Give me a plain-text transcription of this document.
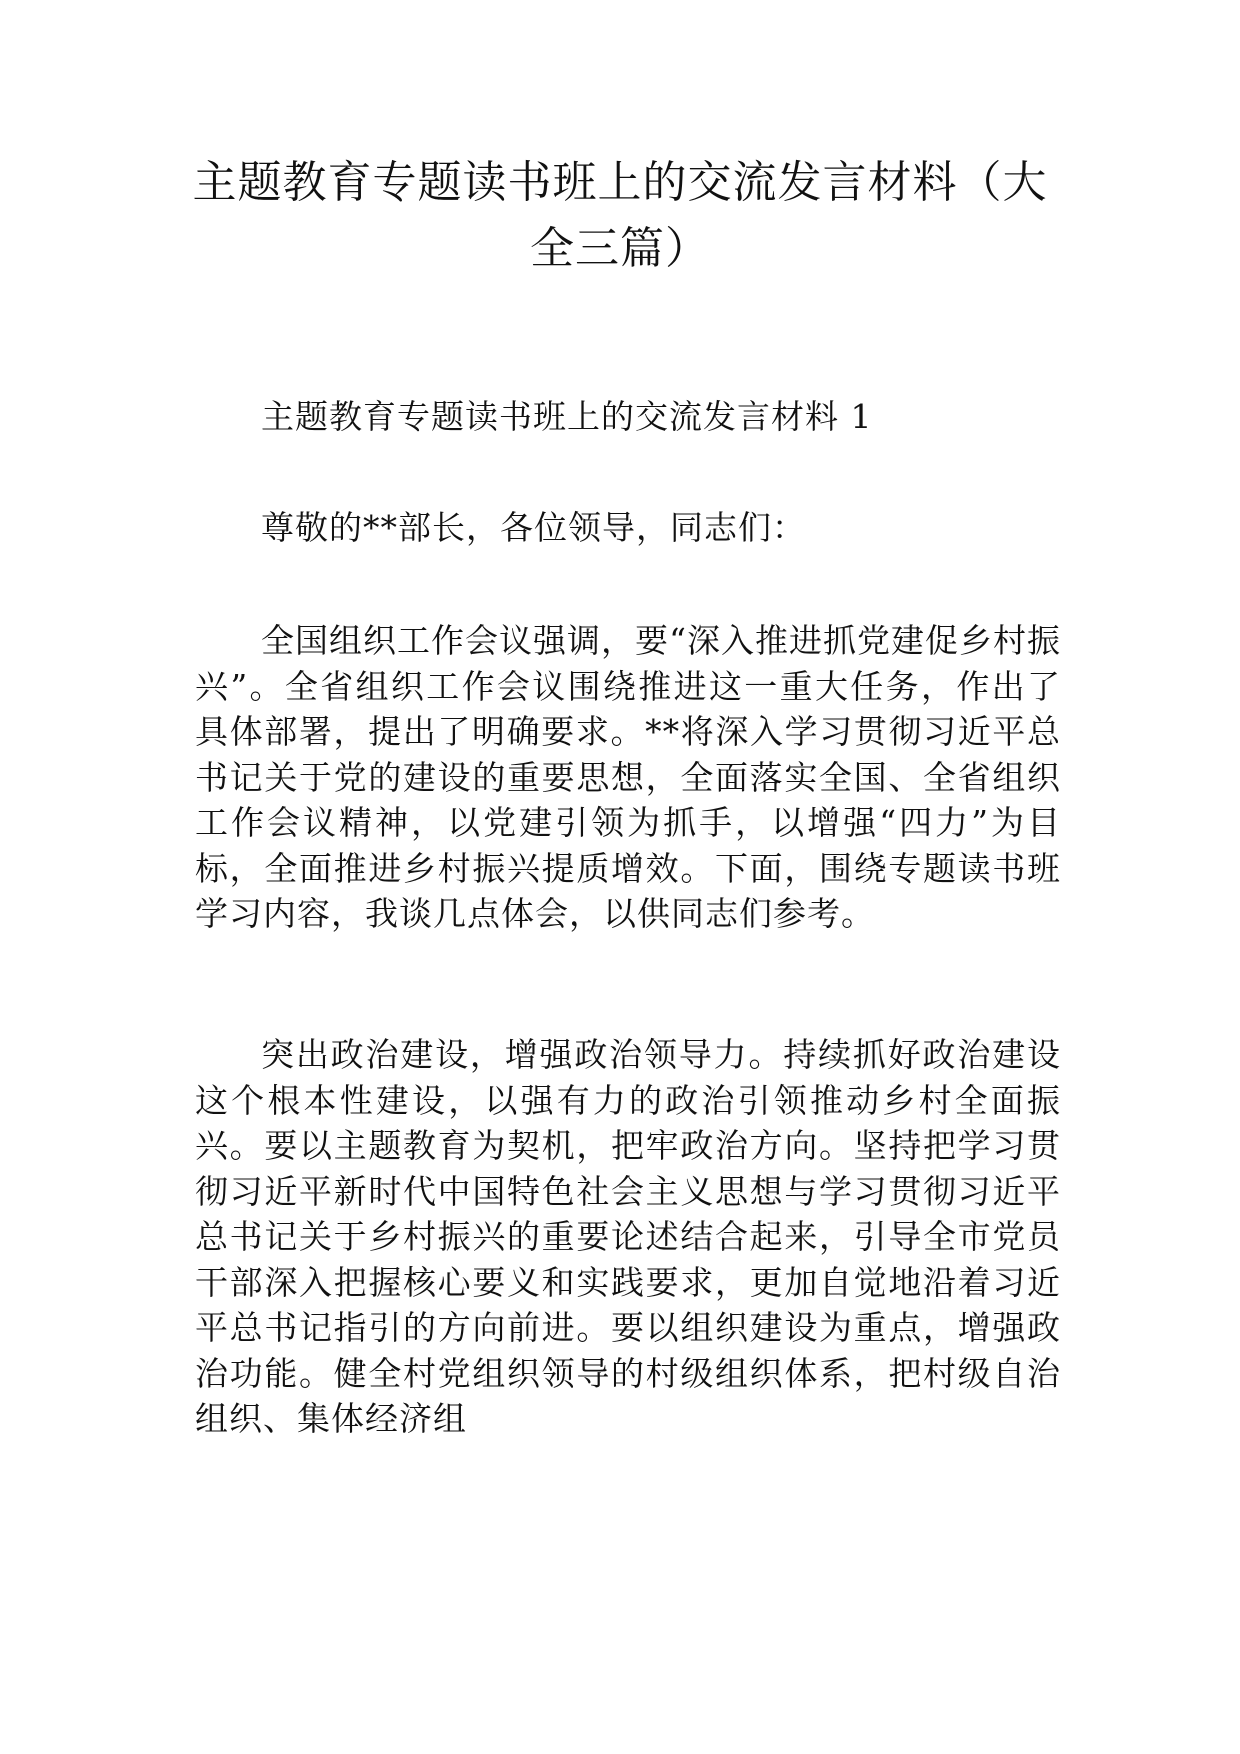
主题教育专题读书班上的交流发言材料（大全三篇）

主题教育专题读书班上的交流发言材料 1

尊敬的**部长，各位领导，同志们：

全国组织工作会议强调，要“深入推进抓党建促乡村振兴”。全省组织工作会议围绕推进这一重大任务，作出了具体部署，提出了明确要求。**将深入学习贯彻习近平总书记关于党的建设的重要思想，全面落实全国、全省组织工作会议精神，以党建引领为抓手，以增强“四力”为目标，全面推进乡村振兴提质增效。下面，围绕专题读书班学习内容，我谈几点体会，以供同志们参考。

突出政治建设，增强政治领导力。持续抓好政治建设这个根本性建设，以强有力的政治引领推动乡村全面振兴。要以主题教育为契机，把牢政治方向。坚持把学习贯彻习近平新时代中国特色社会主义思想与学习贯彻习近平总书记关于乡村振兴的重要论述结合起来，引导全市党员干部深入把握核心要义和实践要求，更加自觉地沿着习近平总书记指引的方向前进。要以组织建设为重点，增强政治功能。健全村党组织领导的村级组织体系，把村级自治组织、集体经济组
